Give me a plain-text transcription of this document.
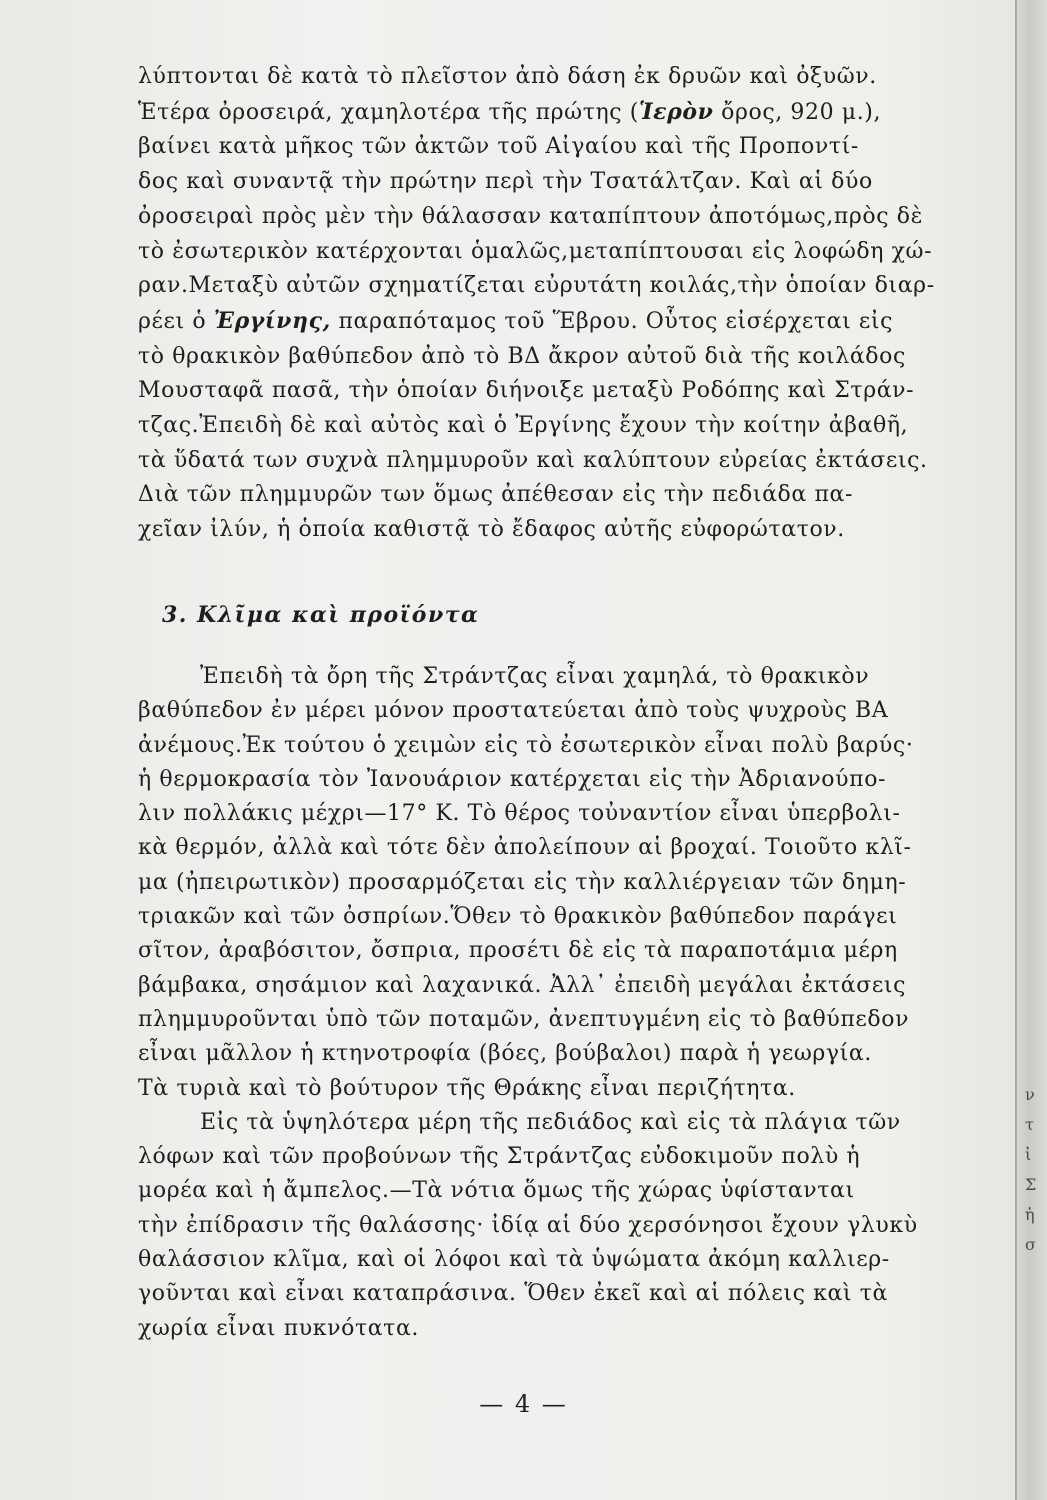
λύπτονται δὲ κατὰ τὸ πλεῖστον ἀπὸ δάση ἐκ δρυῶν καὶ ὀξυῶν.
Ἑτέρα ὀροσειρά, χαμηλοτέρα τῆς πρώτης (Ἱερὸν ὄρος, 920 μ.),
βαίνει κατὰ μῆκος τῶν ἀκτῶν τοῦ Αἰγαίου καὶ τῆς Προποντί-
δος καὶ συναντᾷ τὴν πρώτην περὶ τὴν Τσατάλτζαν. Καὶ αἱ δύο
ὀροσειραὶ πρὸς μὲν τὴν θάλασσαν καταπίπτουν ἀποτόμως,πρὸς δὲ
τὸ ἐσωτερικὸν κατέρχονται ὁμαλῶς,μεταπίπτουσαι εἰς λοφώδη χώ-
ραν.Μεταξὺ αὐτῶν σχηματίζεται εὐρυτάτη κοιλάς,τὴν ὁποίαν διαρ-
ρέει ὁ Ἐργίνης, παραπόταμος τοῦ Ἕβρου. Οὗτος εἰσέρχεται εἰς
τὸ θρακικὸν βαθύπεδον ἀπὸ τὸ ΒΔ ἄκρον αὐτοῦ διὰ τῆς κοιλάδος
Μουσταφᾶ πασᾶ, τὴν ὁποίαν διήνοιξε μεταξὺ Ροδόπης καὶ Στράν-
τζας.Ἐπειδὴ δὲ καὶ αὐτὸς καὶ ὁ Ἐργίνης ἔχουν τὴν κοίτην ἀβαθῆ,
τὰ ὕδατά των συχνὰ πλημμυροῦν καὶ καλύπτουν εὐρείας ἐκτάσεις.
Διὰ τῶν πλημμυρῶν των ὅμως ἀπέθεσαν εἰς τὴν πεδιάδα πα-
χεῖαν ἰλύν, ἡ ὁποία καθιστᾷ τὸ ἔδαφος αὐτῆς εὐφορώτατον.
3. Κλῖμα καὶ προϊόντα
Ἐπειδὴ τὰ ὄρη τῆς Στράντζας εἶναι χαμηλά, τὸ θρακικὸν
βαθύπεδον ἐν μέρει μόνον προστατεύεται ἀπὸ τοὺς ψυχροὺς ΒΑ
ἀνέμους.Ἐκ τούτου ὁ χειμὼν εἰς τὸ ἐσωτερικὸν εἶναι πολὺ βαρύς·
ἡ θερμοκρασία τὸν Ἰανουάριον κατέρχεται εἰς τὴν Ἀδριανούπο-
λιν πολλάκις μέχρι—17° Κ. Τὸ θέρος τοὐναντίον εἶναι ὑπερβολι-
κὰ θερμόν, ἀλλὰ καὶ τότε δὲν ἀπολείπουν αἱ βροχαί. Τοιοῦτο κλῖ-
μα (ἠπειρωτικὸν) προσαρμόζεται εἰς τὴν καλλιέργειαν τῶν δημη-
τριακῶν καὶ τῶν ὀσπρίων.Ὅθεν τὸ θρακικὸν βαθύπεδον παράγει
σῖτον, ἀραβόσιτον, ὄσπρια, προσέτι δὲ εἰς τὰ παραποτάμια μέρη
βάμβακα, σησάμιον καὶ λαχανικά. Ἀλλ᾽ ἐπειδὴ μεγάλαι ἐκτάσεις
πλημμυροῦνται ὑπὸ τῶν ποταμῶν, ἀνεπτυγμένη εἰς τὸ βαθύπεδον
εἶναι μᾶλλον ἡ κτηνοτροφία (βόες, βούβαλοι) παρὰ ἡ γεωργία.
Τὰ τυριὰ καὶ τὸ βούτυρον τῆς Θράκης εἶναι περιζήτητα.
Εἰς τὰ ὑψηλότερα μέρη τῆς πεδιάδος καὶ εἰς τὰ πλάγια τῶν
λόφων καὶ τῶν προβούνων τῆς Στράντζας εὐδοκιμοῦν πολὺ ἡ
μορέα καὶ ἡ ἄμπελος.—Τὰ νότια ὅμως τῆς χώρας ὑφίστανται
τὴν ἐπίδρασιν τῆς θαλάσσης· ἰδίᾳ αἱ δύο χερσόνησοι ἔχουν γλυκὺ
θαλάσσιον κλῖμα, καὶ οἱ λόφοι καὶ τὰ ὑψώματα ἀκόμη καλλιερ-
γοῦνται καὶ εἶναι καταπράσινα. Ὅθεν ἐκεῖ καὶ αἱ πόλεις καὶ τὰ
χωρία εἶναι πυκνότατα.
— 4 —
ν
τ
ἰ
Σ
ἡ
σ
